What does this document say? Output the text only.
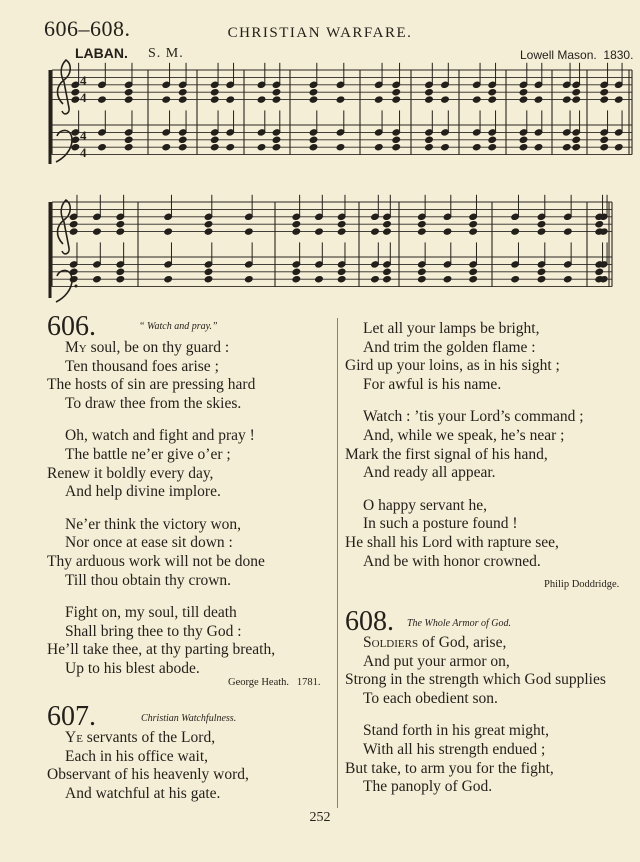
606–608.	CHRISTIAN WARFARE.
LABAN. S. M.	Lowell Mason. 1830.
4
4
4
4
606.	“ Watch and pray.”
My soul, be on thy guard :
Ten thousand foes arise ;
The hosts of sin are pressing hard
To draw thee from the skies.
Oh, watch and fight and pray !
The battle ne’er give o’er ;
Renew it boldly every day,
And help divine implore.
Ne’er think the victory won,
Nor once at ease sit down :
Thy arduous work will not be done
Till thou obtain thy crown.
Fight on, my soul, till death
Shall bring thee to thy God :
He’ll take thee, at thy parting breath,
Up to his blest abode.
George Heath. 1781.
607.	Christian Watchfulness.
Ye servants of the Lord,
Each in his office wait,
Observant of his heavenly word,
And watchful at his gate.
Let all your lamps be bright,
And trim the golden flame :
Gird up your loins, as in his sight ;
For awful is his name.
Watch : ’tis your Lord’s command ;
And, while we speak, he’s near ;
Mark the first signal of his hand,
And ready all appear.
O happy servant he,
In such a posture found !
He shall his Lord with rapture see,
And be with honor crowned.
Philip Doddridge.
608. The Whole Armor of God.
Soldiers of God, arise,
And put your armor on,
Strong in the strength which God supplies
To each obedient son.
Stand forth in his great might,
With all his strength endued ;
But take, to arm you for the fight,
The panoply of God.
252
